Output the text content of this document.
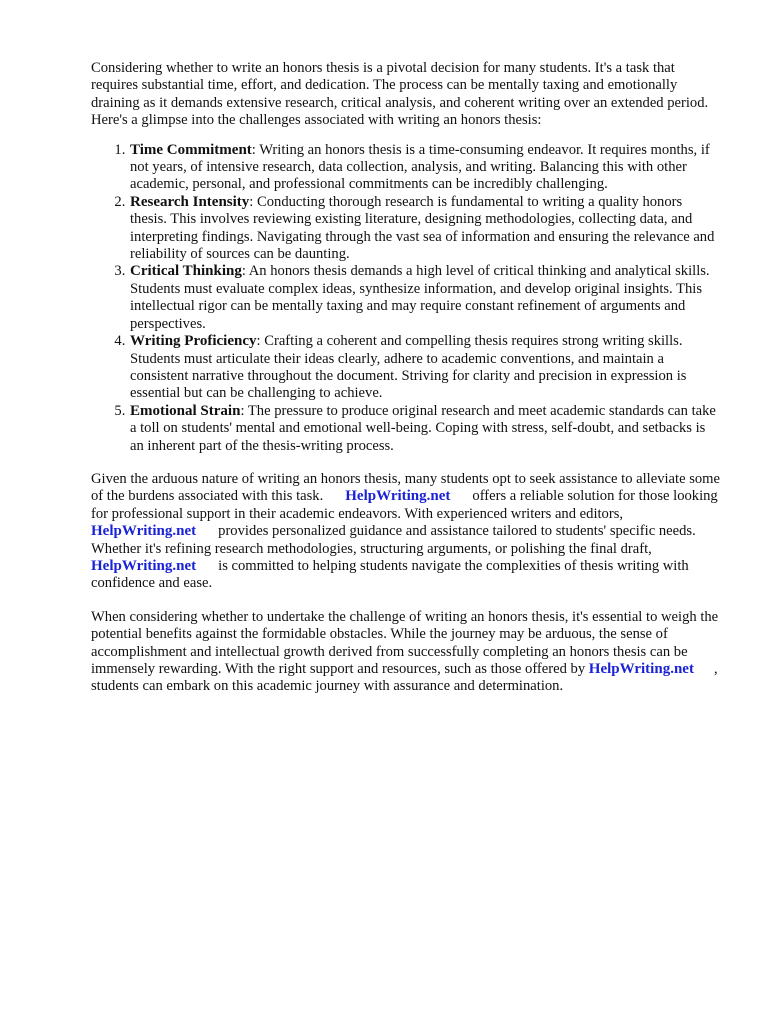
Considering whether to write an honors thesis is a pivotal decision for many students. It's a task that requires substantial time, effort, and dedication. The process can be mentally taxing and emotionally draining as it demands extensive research, critical analysis, and coherent writing over an extended period. Here's a glimpse into the challenges associated with writing an honors thesis:

1. Time Commitment: Writing an honors thesis is a time-consuming endeavor. It requires months, if not years, of intensive research, data collection, analysis, and writing. Balancing this with other academic, personal, and professional commitments can be incredibly challenging.
2. Research Intensity: Conducting thorough research is fundamental to writing a quality honors thesis. This involves reviewing existing literature, designing methodologies, collecting data, and interpreting findings. Navigating through the vast sea of information and ensuring the relevance and reliability of sources can be daunting.
3. Critical Thinking: An honors thesis demands a high level of critical thinking and analytical skills. Students must evaluate complex ideas, synthesize information, and develop original insights. This intellectual rigor can be mentally taxing and may require constant refinement of arguments and perspectives.
4. Writing Proficiency: Crafting a coherent and compelling thesis requires strong writing skills. Students must articulate their ideas clearly, adhere to academic conventions, and maintain a consistent narrative throughout the document. Striving for clarity and precision in expression is essential but can be challenging to achieve.
5. Emotional Strain: The pressure to produce original research and meet academic standards can take a toll on students' mental and emotional well-being. Coping with stress, self-doubt, and setbacks is an inherent part of the thesis-writing process.

Given the arduous nature of writing an honors thesis, many students opt to seek assistance to alleviate some of the burdens associated with this task. HelpWriting.net offers a reliable solution for those looking for professional support in their academic endeavors. With experienced writers and editors,HelpWriting.net provides personalized guidance and assistance tailored to students' specific needs. Whether it's refining research methodologies, structuring arguments, or polishing the final draft,HelpWriting.net is committed to helping students navigate the complexities of thesis writing with confidence and ease.

When considering whether to undertake the challenge of writing an honors thesis, it's essential to weigh the potential benefits against the formidable obstacles. While the journey may be arduous, the sense of accomplishment and intellectual growth derived from successfully completing an honors thesis can be immensely rewarding. With the right support and resources, such as those offered by HelpWriting.net , students can embark on this academic journey with assurance and determination.
